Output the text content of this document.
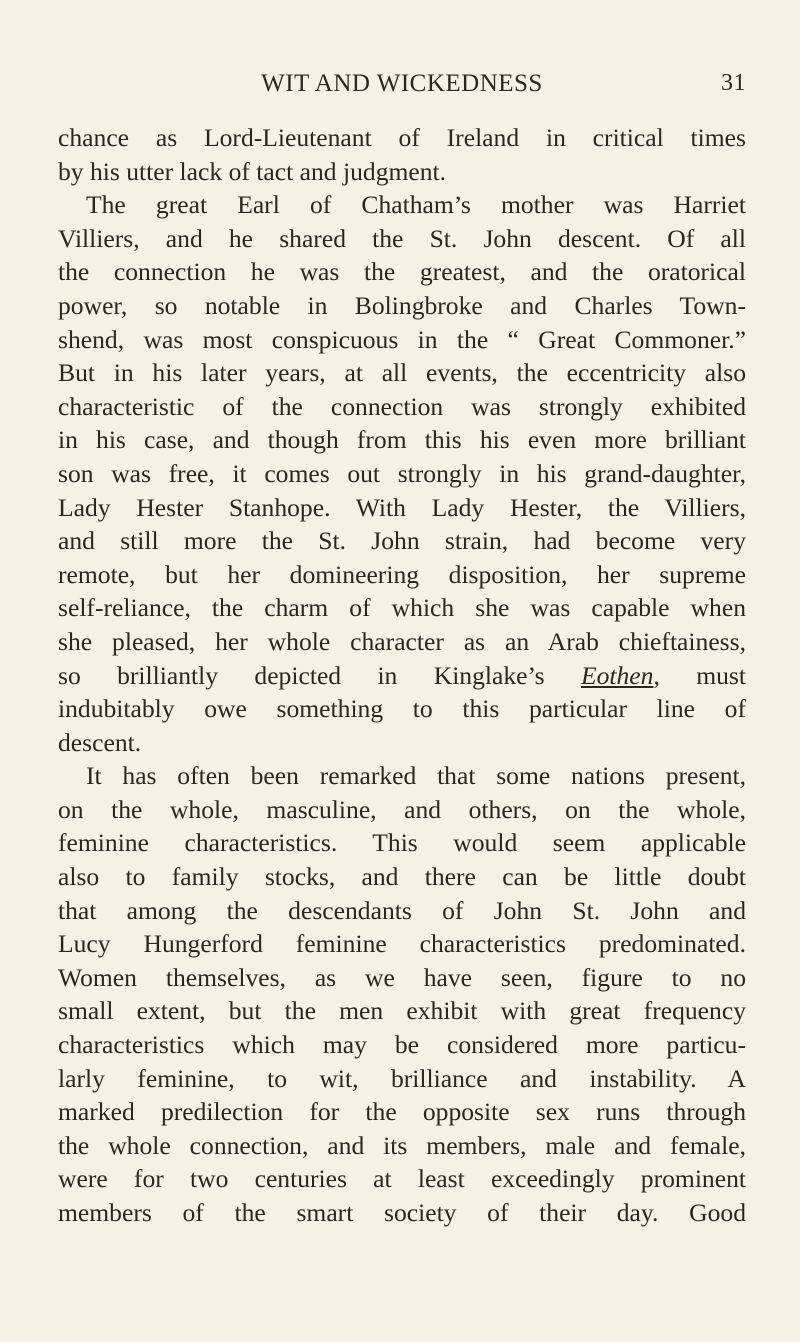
WIT AND WICKEDNESS	31
chance as Lord-Lieutenant of Ireland in critical times
by his utter lack of tact and judgment.
The great Earl of Chatham’s mother was Harriet
Villiers, and he shared the St. John descent. Of all
the connection he was the greatest, and the oratorical
power, so notable in Bolingbroke and Charles Town-
shend, was most conspicuous in the “ Great Commoner.”
But in his later years, at all events, the eccentricity also
characteristic of the connection was strongly exhibited
in his case, and though from this his even more brilliant
son was free, it comes out strongly in his grand-daughter,
Lady Hester Stanhope. With Lady Hester, the Villiers,
and still more the St. John strain, had become very
remote, but her domineering disposition, her supreme
self-reliance, the charm of which she was capable when
she pleased, her whole character as an Arab chieftainess,
so brilliantly depicted in Kinglake’s Eothen, must
indubitably owe something to this particular line of
descent.
It has often been remarked that some nations present,
on the whole, masculine, and others, on the whole,
feminine characteristics. This would seem applicable
also to family stocks, and there can be little doubt
that among the descendants of John St. John and
Lucy Hungerford feminine characteristics predominated.
Women themselves, as we have seen, figure to no
small extent, but the men exhibit with great frequency
characteristics which may be considered more particu-
larly feminine, to wit, brilliance and instability. A
marked predilection for the opposite sex runs through
the whole connection, and its members, male and female,
were for two centuries at least exceedingly prominent
members of the smart society of their day. Good
